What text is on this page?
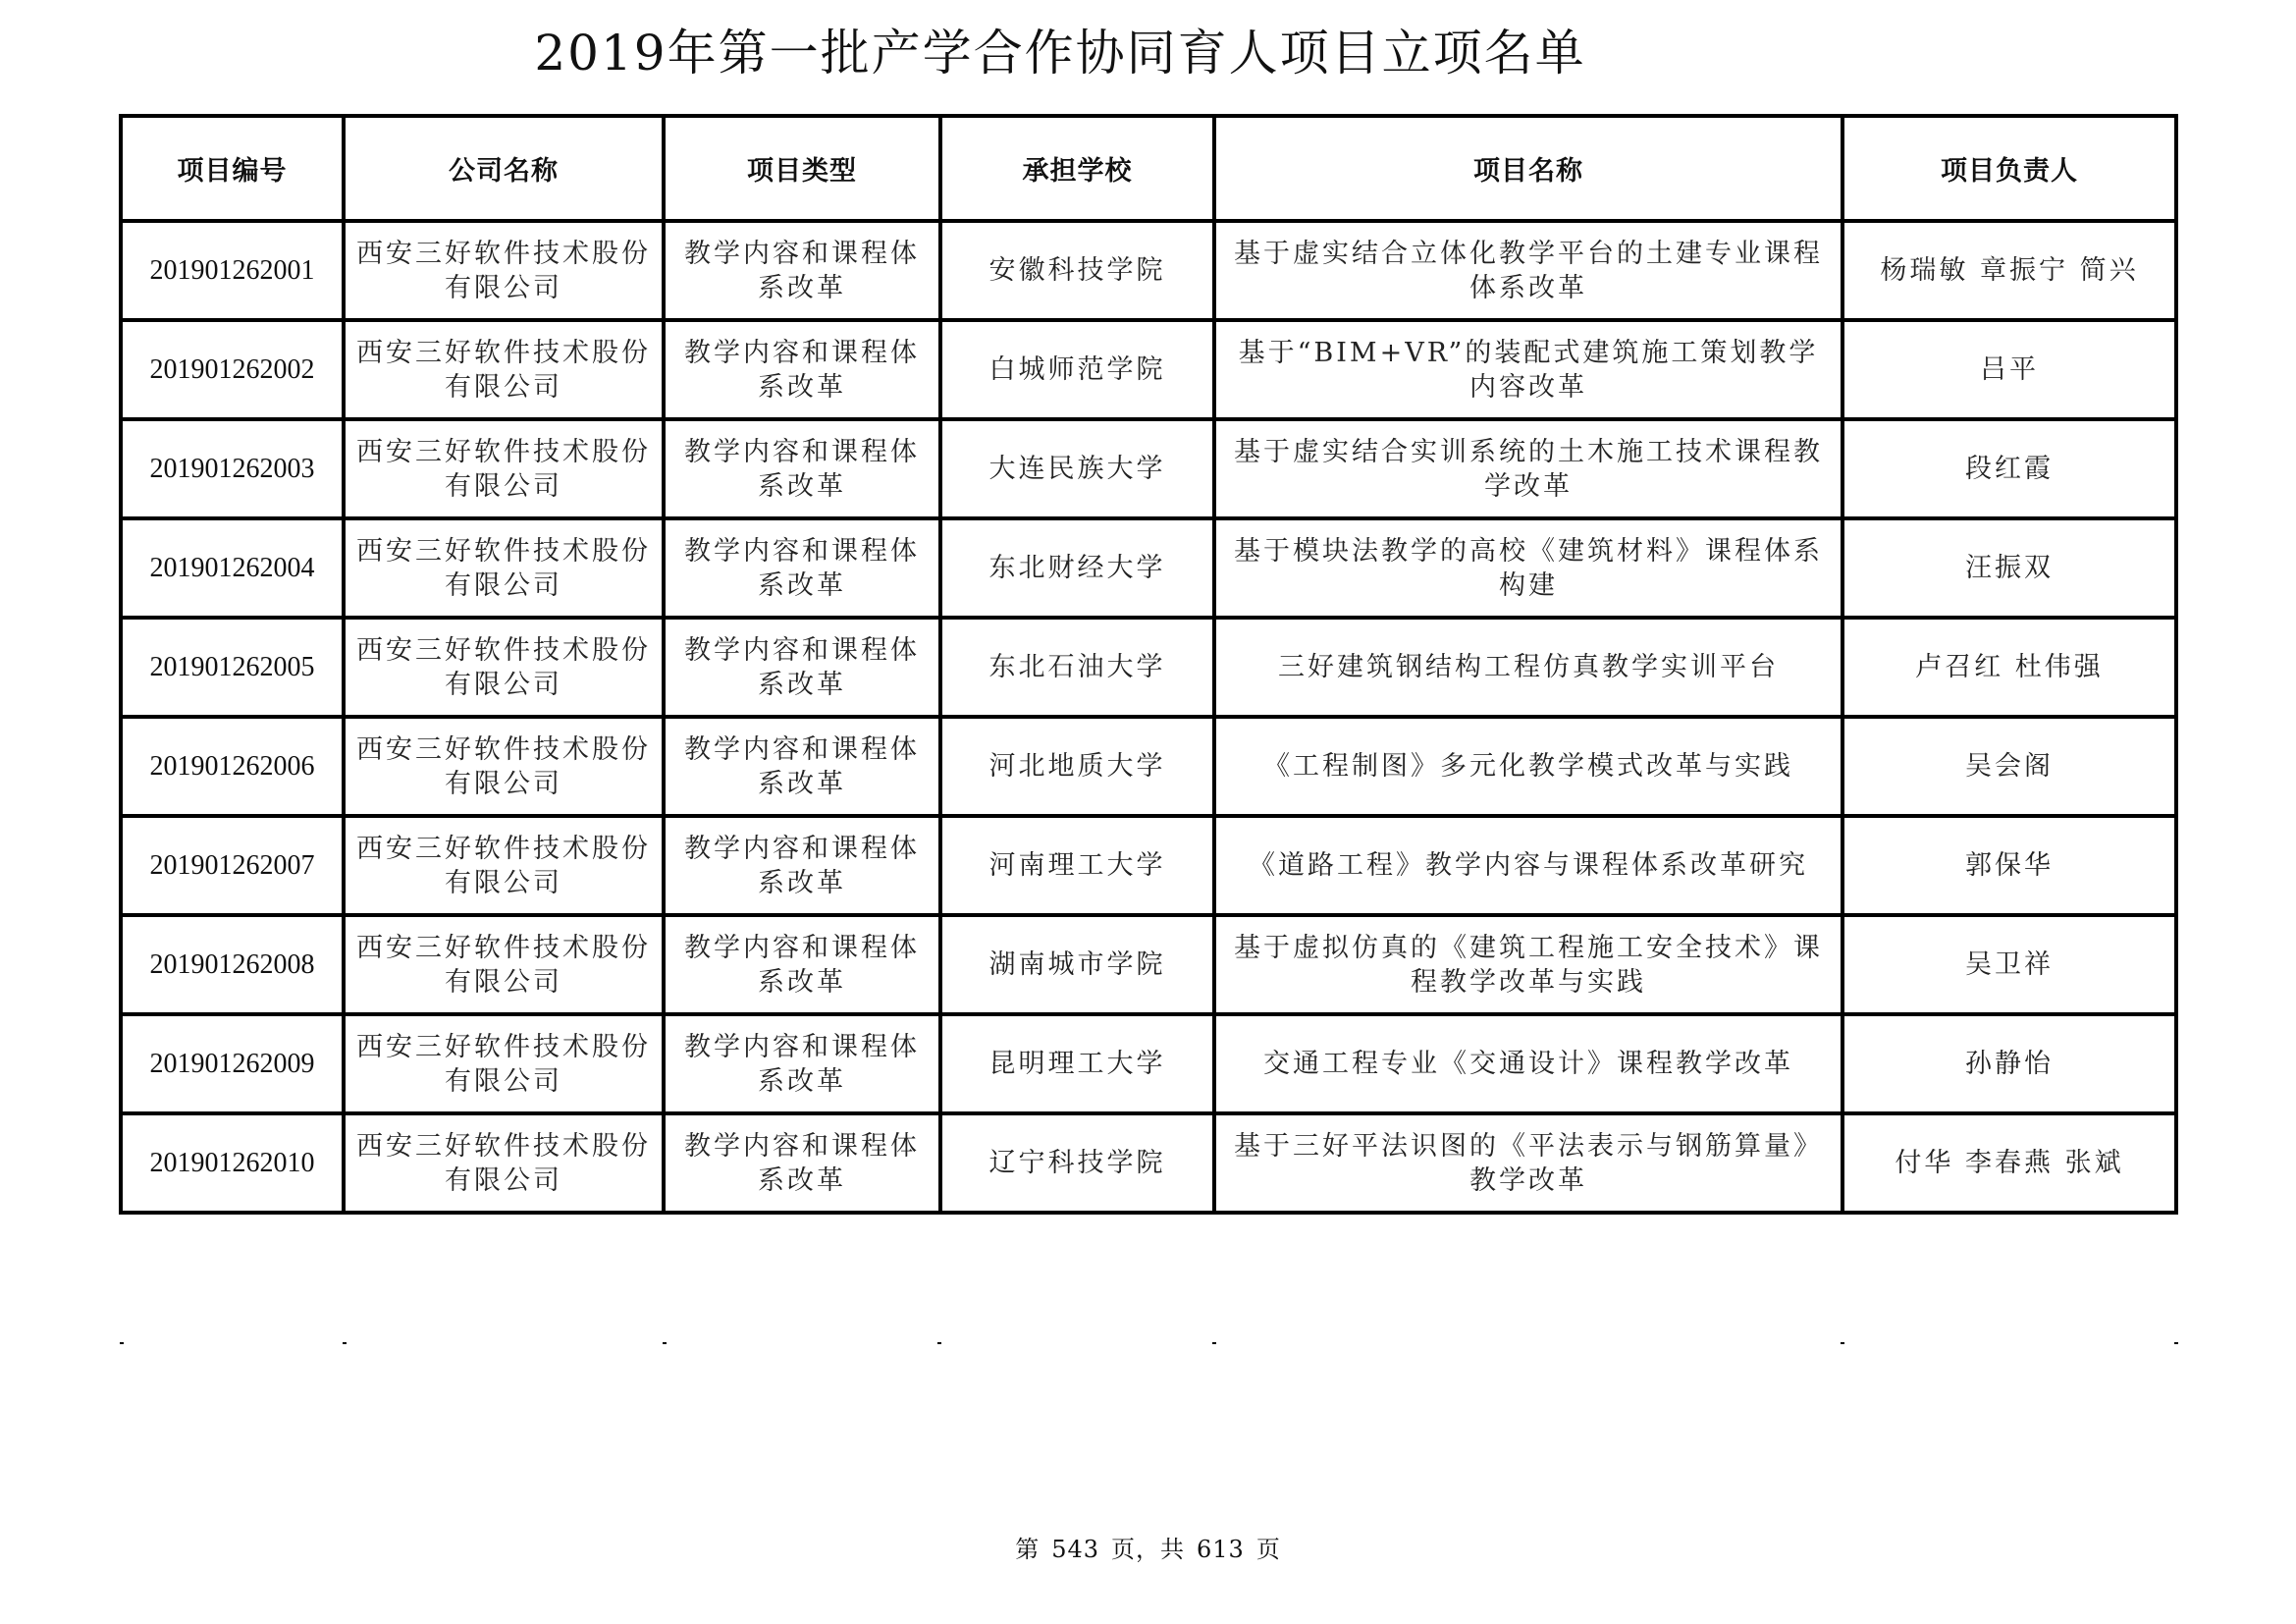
2019年第一批产学合作协同育人项目立项名单
项目编号	公司名称	项目类型	承担学校	项目名称	项目负责人
201901262001	西安三好软件技术股份有限公司	教学内容和课程体系改革	安徽科技学院	基于虚实结合立体化教学平台的土建专业课程体系改革	杨瑞敏 章振宁 简兴
201901262002	西安三好软件技术股份有限公司	教学内容和课程体系改革	白城师范学院	基于“BIM+VR”的装配式建筑施工策划教学内容改革	吕平
201901262003	西安三好软件技术股份有限公司	教学内容和课程体系改革	大连民族大学	基于虚实结合实训系统的土木施工技术课程教学改革	段红霞
201901262004	西安三好软件技术股份有限公司	教学内容和课程体系改革	东北财经大学	基于模块法教学的高校《建筑材料》课程体系构建	汪振双
201901262005	西安三好软件技术股份有限公司	教学内容和课程体系改革	东北石油大学	三好建筑钢结构工程仿真教学实训平台	卢召红 杜伟强
201901262006	西安三好软件技术股份有限公司	教学内容和课程体系改革	河北地质大学	《工程制图》多元化教学模式改革与实践	吴会阁
201901262007	西安三好软件技术股份有限公司	教学内容和课程体系改革	河南理工大学	《道路工程》教学内容与课程体系改革研究	郭保华
201901262008	西安三好软件技术股份有限公司	教学内容和课程体系改革	湖南城市学院	基于虚拟仿真的《建筑工程施工安全技术》课程教学改革与实践	吴卫祥
201901262009	西安三好软件技术股份有限公司	教学内容和课程体系改革	昆明理工大学	交通工程专业《交通设计》课程教学改革	孙静怡
201901262010	西安三好软件技术股份有限公司	教学内容和课程体系改革	辽宁科技学院	基于三好平法识图的《平法表示与钢筋算量》教学改革	付华 李春燕 张斌
第 543 页，共 613 页
